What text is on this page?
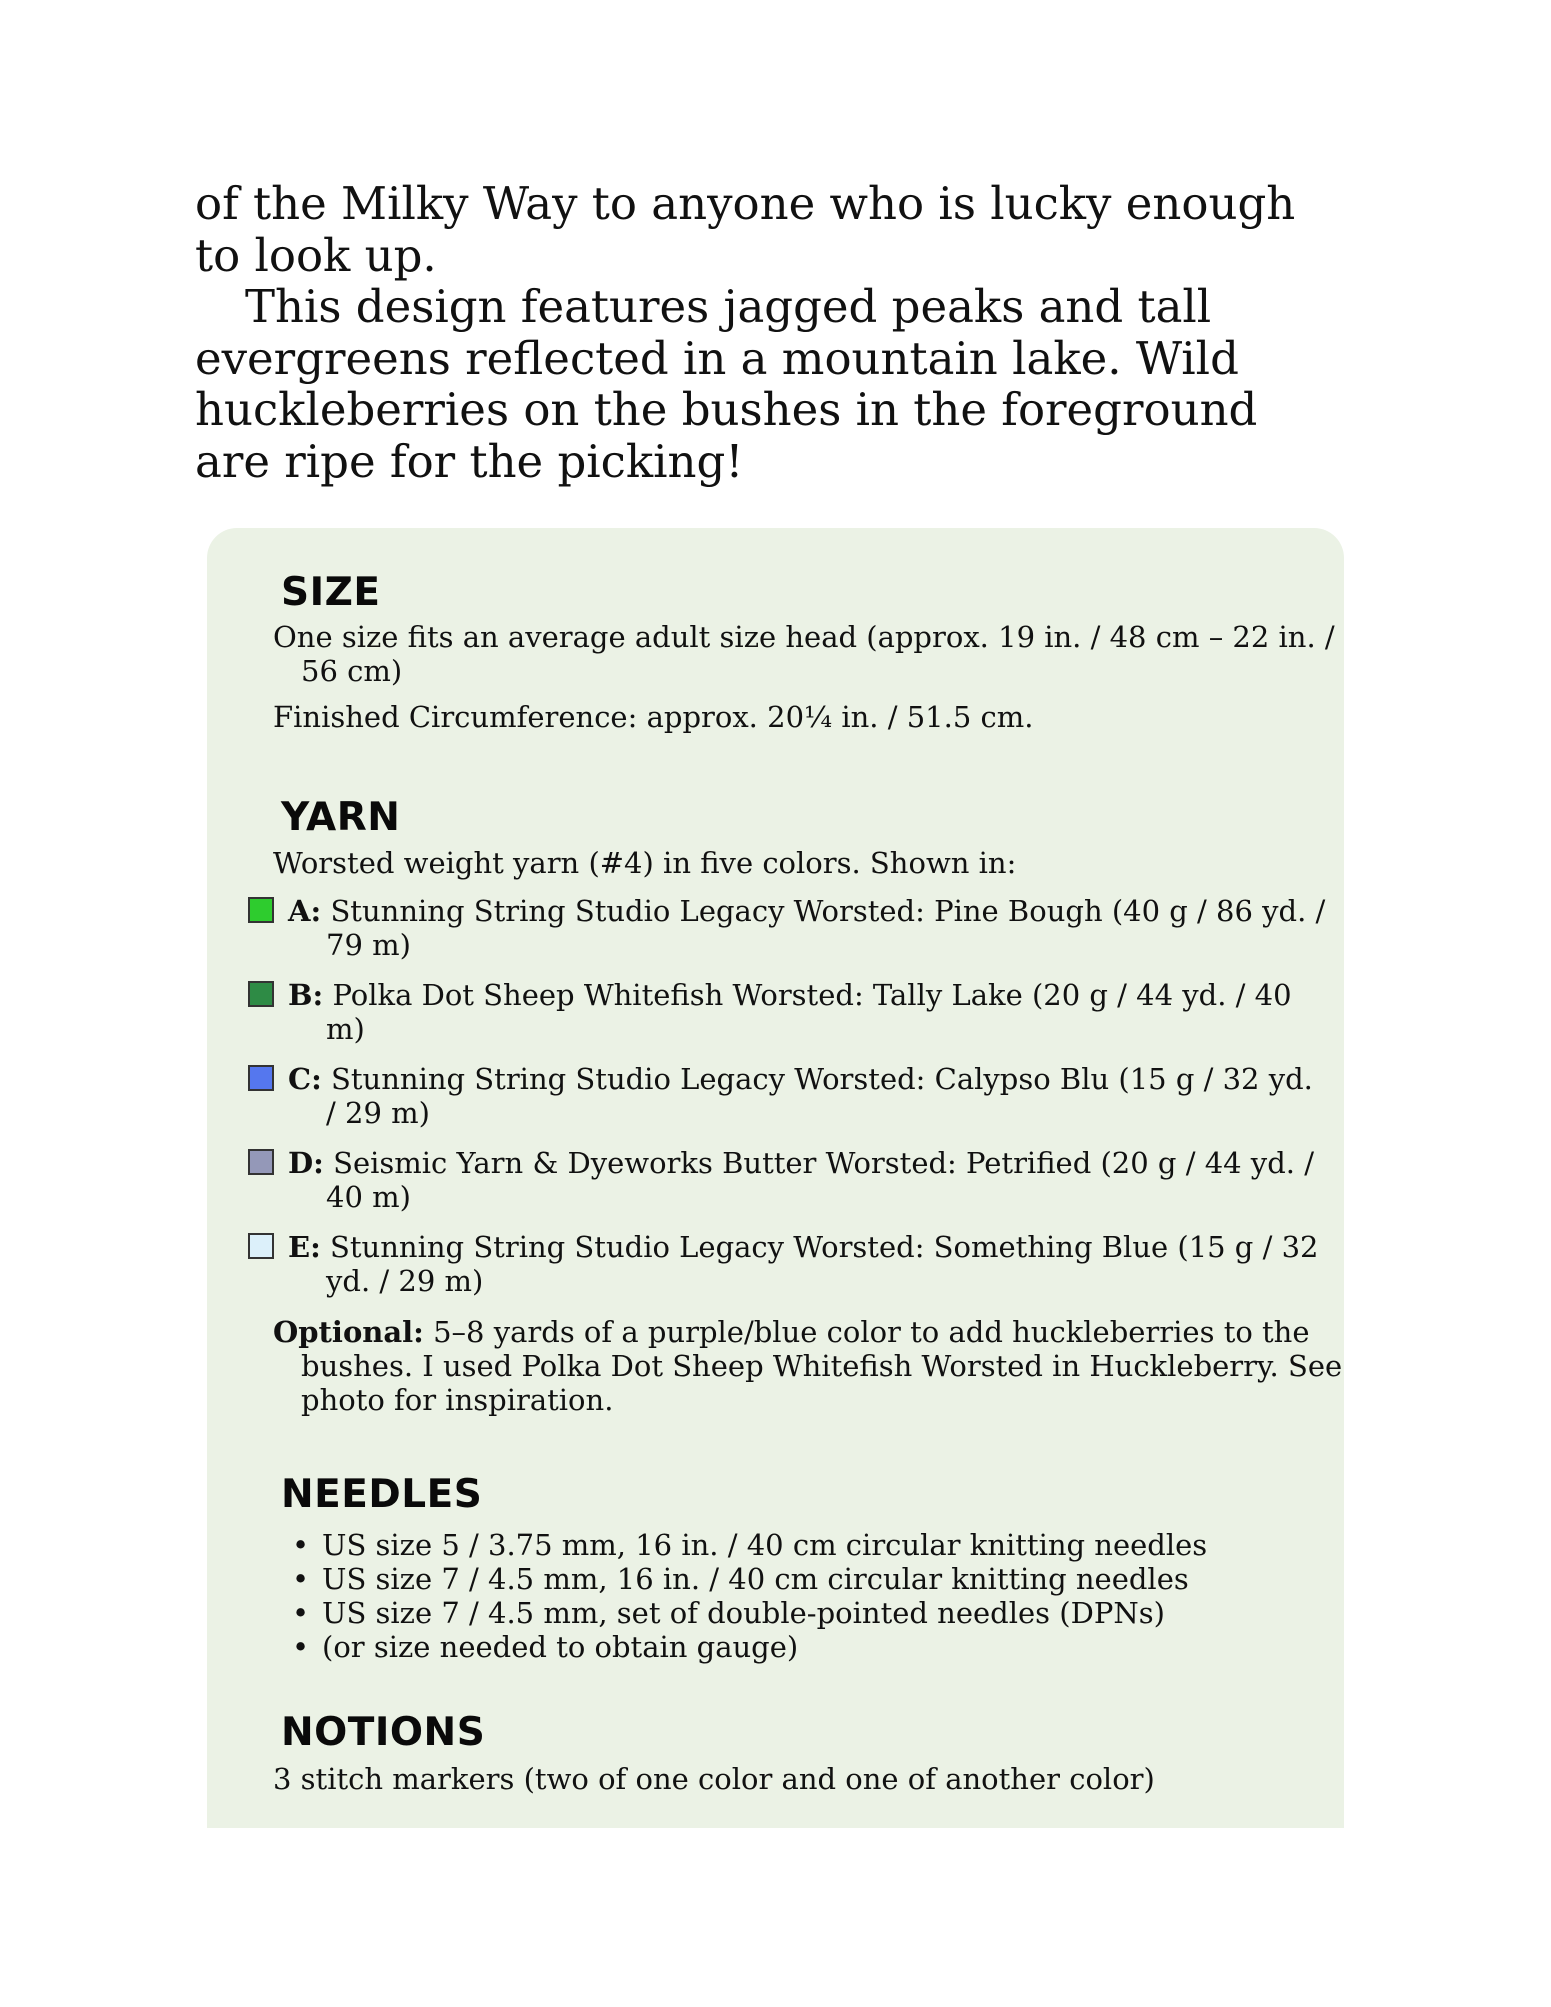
of the Milky Way to anyone who is lucky enough to look up.

This design features jagged peaks and tall evergreens reflected in a mountain lake. Wild huckleberries on the bushes in the foreground are ripe for the picking!

SIZE

One size fits an average adult size head (approx. 19 in. / 48 cm – 22 in. / 56 cm)

Finished Circumference: approx. 20¼ in. / 51.5 cm.

YARN

Worsted weight yarn (#4) in five colors. Shown in:

A: Stunning String Studio Legacy Worsted: Pine Bough (40 g / 86 yd. / 79 m)
B: Polka Dot Sheep Whitefish Worsted: Tally Lake (20 g / 44 yd. / 40 m)
C: Stunning String Studio Legacy Worsted: Calypso Blu (15 g / 32 yd. / 29 m)
D: Seismic Yarn & Dyeworks Butter Worsted: Petrified (20 g / 44 yd. / 40 m)
E: Stunning String Studio Legacy Worsted: Something Blue (15 g / 32 yd. / 29 m)

Optional: 5–8 yards of a purple/blue color to add huckleberries to the bushes. I used Polka Dot Sheep Whitefish Worsted in Huckleberry. See photo for inspiration.

NEEDLES
• US size 5 / 3.75 mm, 16 in. / 40 cm circular knitting needles
• US size 7 / 4.5 mm, 16 in. / 40 cm circular knitting needles
• US size 7 / 4.5 mm, set of double-pointed needles (DPNs)
• (or size needed to obtain gauge)
NOTIONS

3 stitch markers (two of one color and one of another color)
